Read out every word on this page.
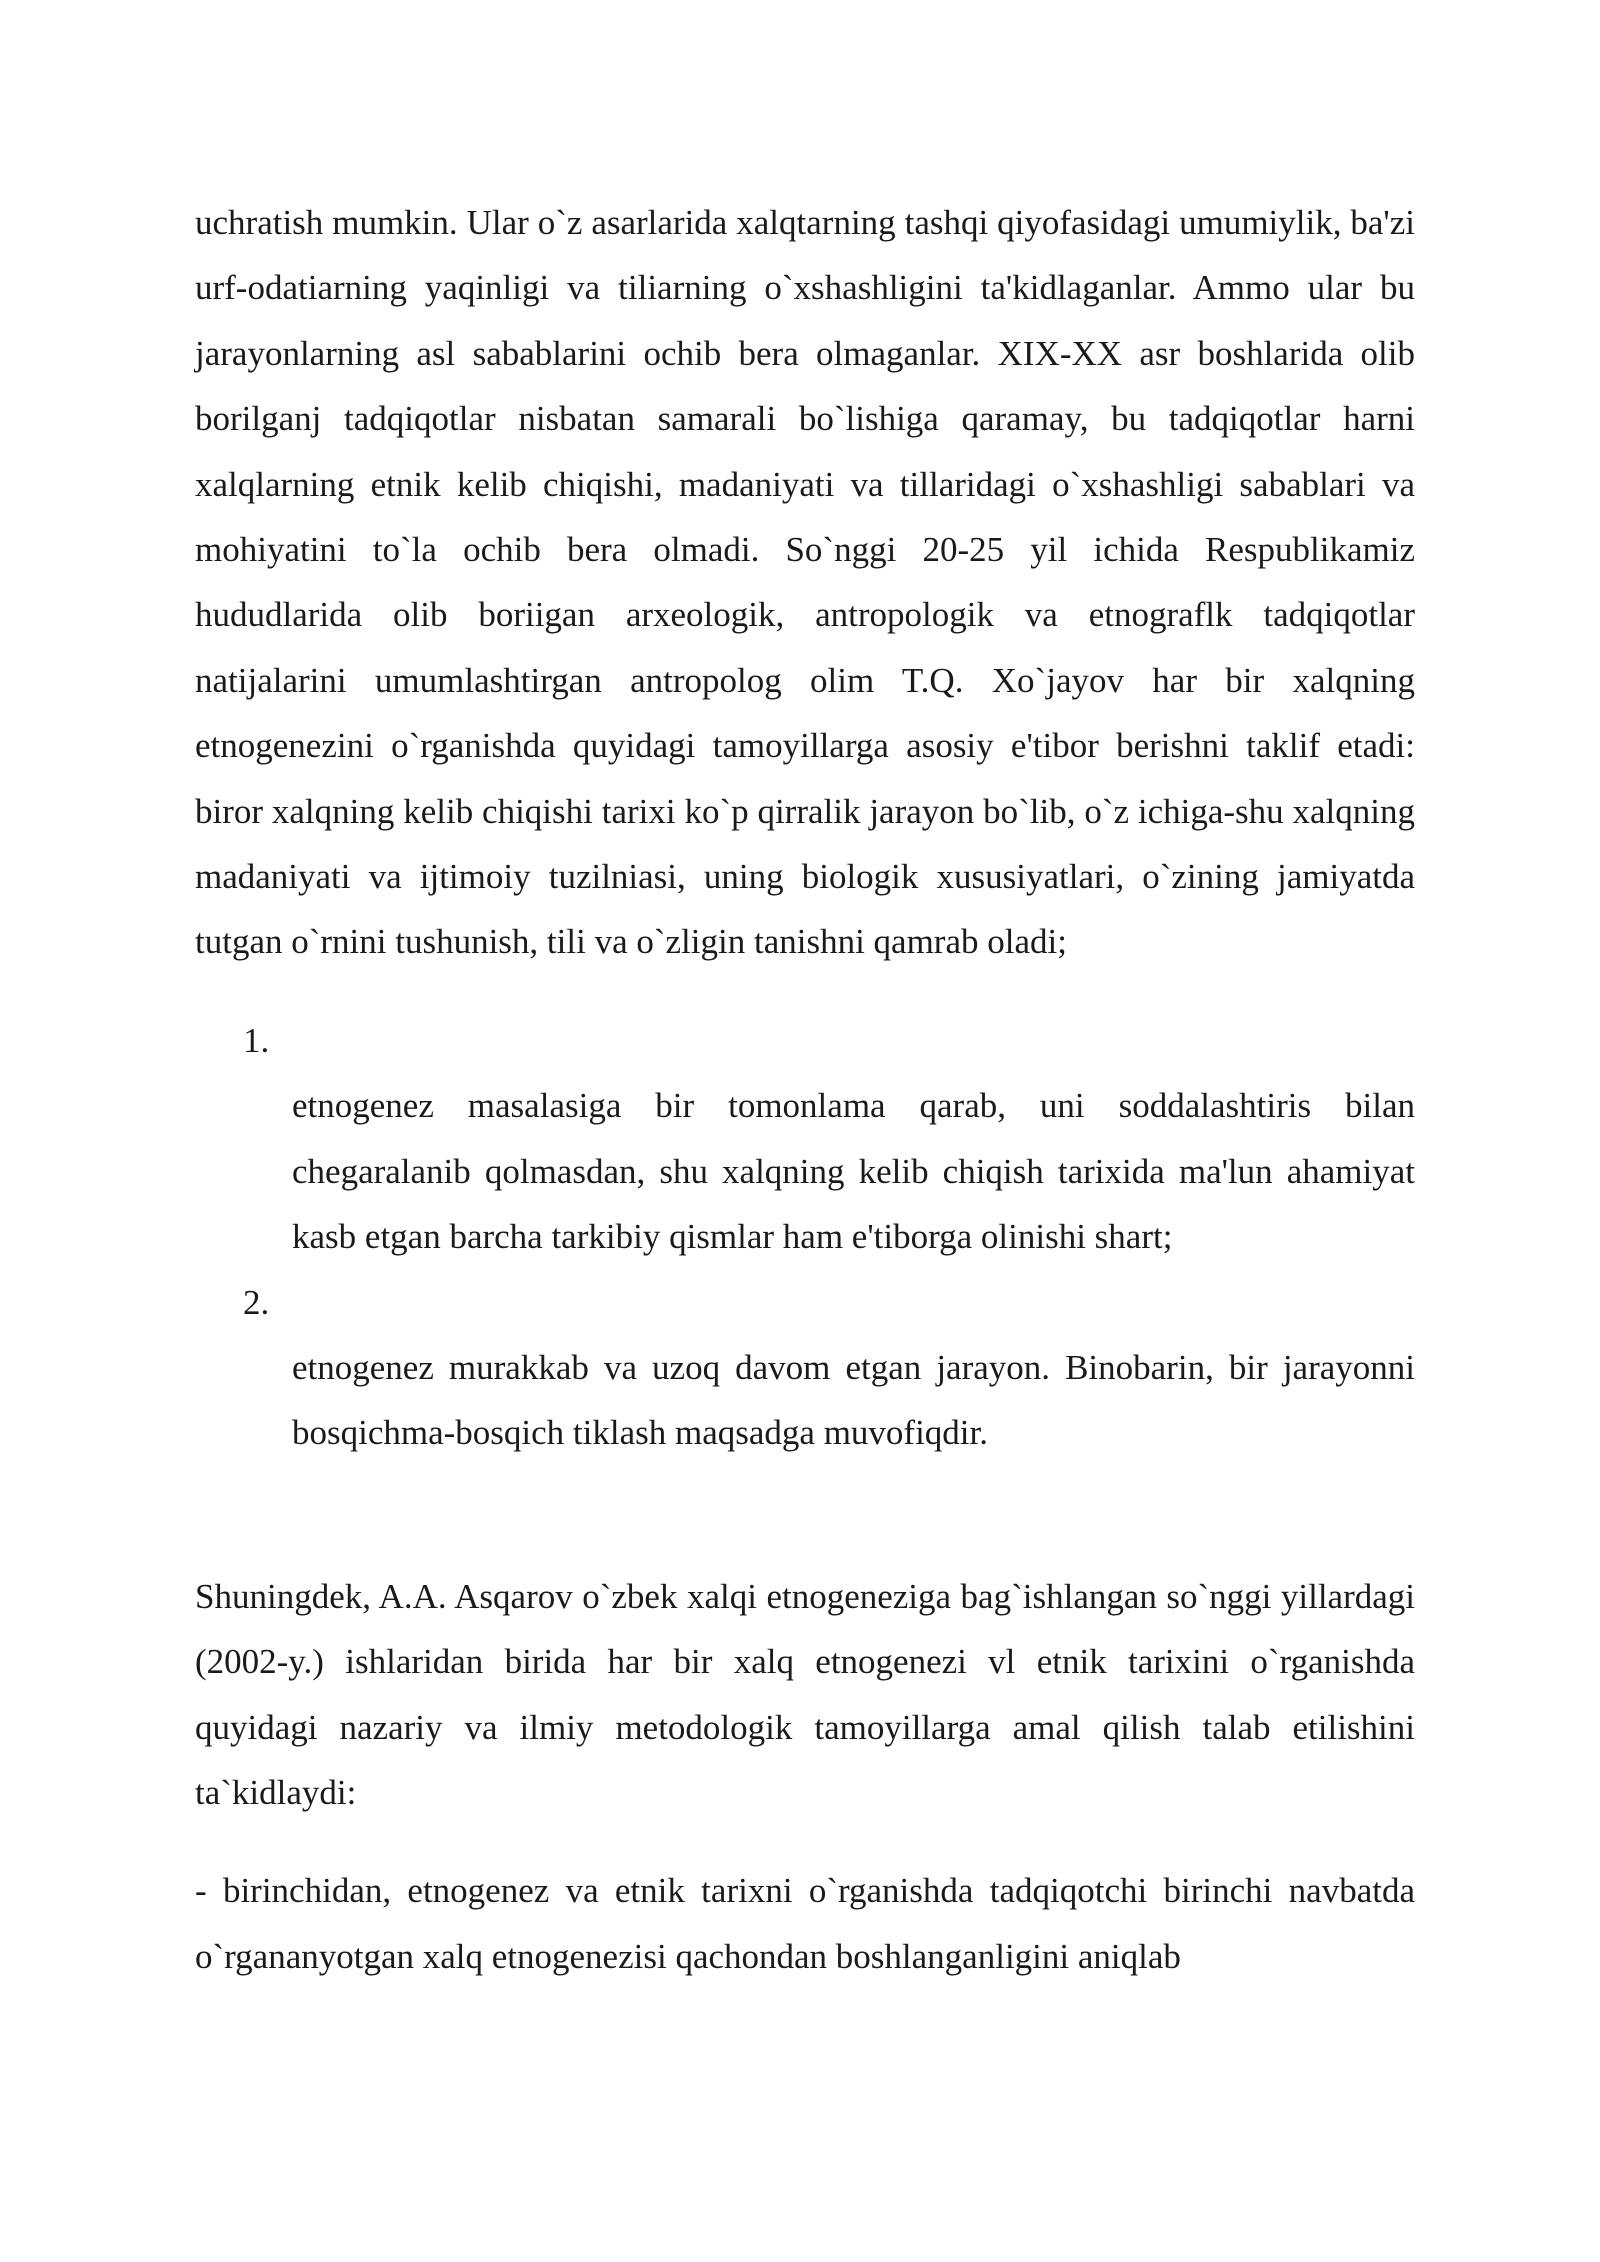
uchratish mumkin. Ular o`z asarlarida xalqtarning tashqi qiyofasidagi umumiylik, ba'zi urf-odatiarning yaqinligi va tiliarning o`xshashligini ta'kidlaganlar. Ammo ular bu jarayonlarning asl sabablarini ochib bera olmaganlar. XIX-XX asr boshlarida olib borilganj tadqiqotlar nisbatan samarali bo`lishiga qaramay, bu tadqiqotlar harni xalqlarning etnik kelib chiqishi, madaniyati va tillaridagi o`xshashligi sabablari va mohiyatini to`la ochib bera olmadi. So`nggi 20-25 yil ichida Respublikamiz hududlarida olib boriigan arxeologik, antropologik va etnograflk tadqiqotlar natijalarini umumlashtirgan antropolog olim T.Q. Xo`jayov har bir xalqning etnogenezini o`rganishda quyidagi tamoyillarga asosiy e'tibor berishni taklif etadi: biror xalqning kelib chiqishi tarixi ko`p qirralik jarayon bo`lib, o`z ichiga-shu xalqning madaniyati va ijtimoiy tuzilniasi, uning biologik xususiyatlari, o`zining jamiyatda tutgan o`rnini tushunish, tili va o`zligin tanishni qamrab oladi;

1.
etnogenez masalasiga bir tomonlama qarab, uni soddalashtiris bilan chegaralanib qolmasdan, shu xalqning kelib chiqish tarixida ma'lun ahamiyat kasb etgan barcha tarkibiy qismlar ham e'tiborga olinishi shart;
2.
etnogenez murakkab va uzoq davom etgan jarayon. Binobarin, bir jarayonni bosqichma-bosqich tiklash maqsadga muvofiqdir.

Shuningdek, A.A. Asqarov o`zbek xalqi etnogeneziga bag`ishlangan so`nggi yillardagi (2002-y.) ishlaridan birida har bir xalq etnogenezi vl etnik tarixini o`rganishda quyidagi nazariy va ilmiy metodologik tamoyillarga amal qilish talab etilishini ta`kidlaydi:

- birinchidan, etnogenez va etnik tarixni o`rganishda tadqiqotchi birinchi navbatda o`rgananyotgan xalq etnogenezisi qachondan boshlanganligini aniqlab
